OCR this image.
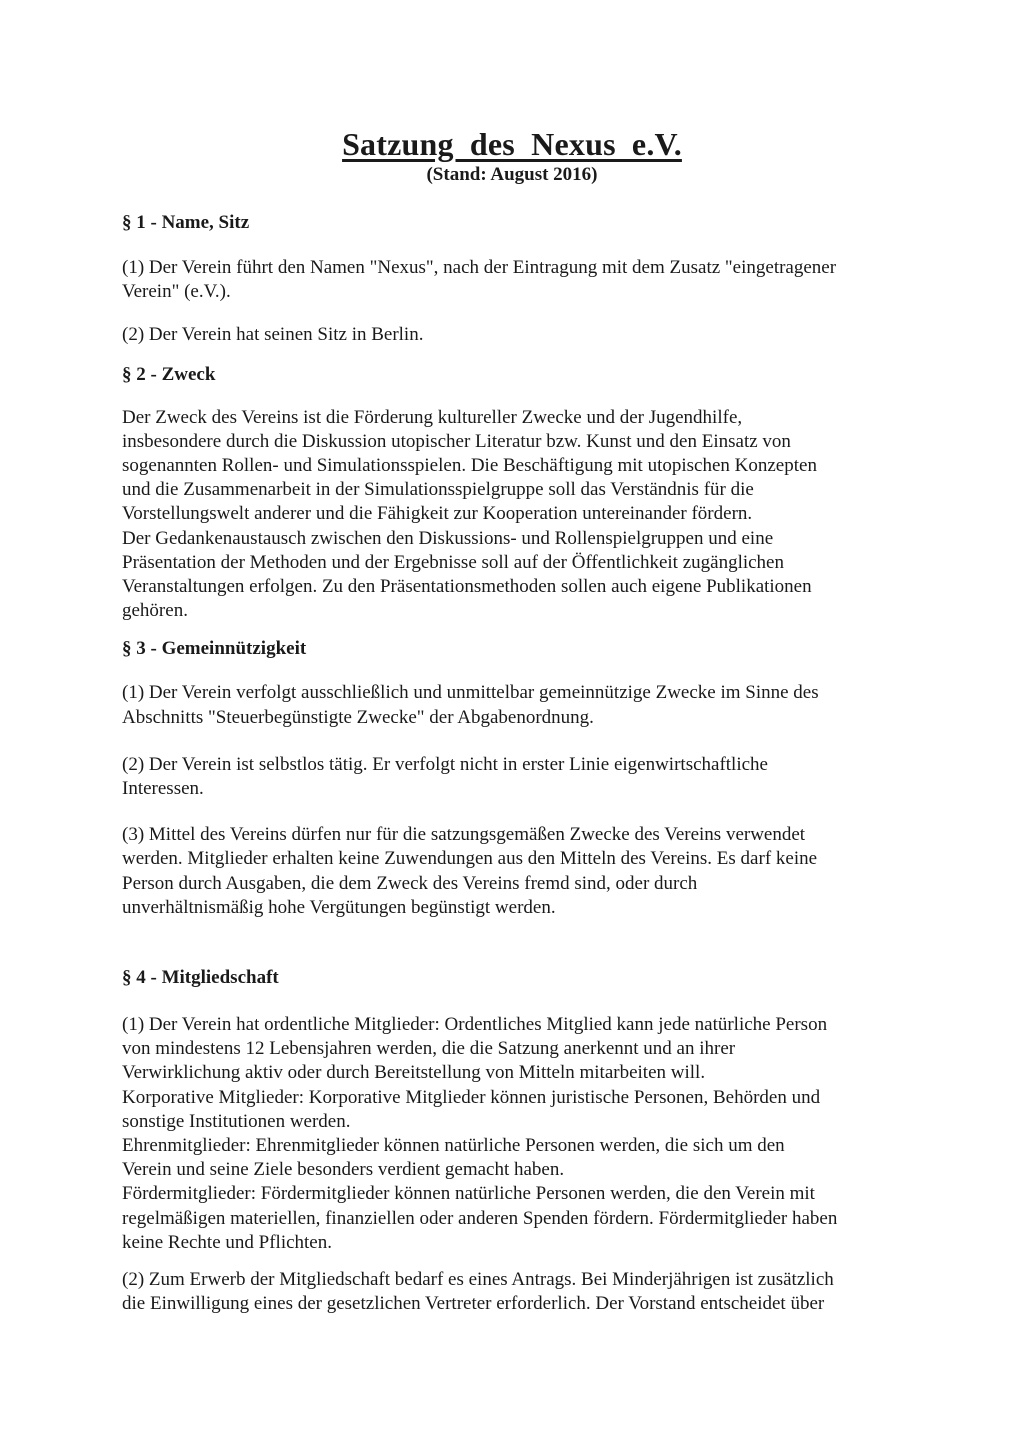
Satzung des Nexus e.V.
(Stand: August 2016)
§ 1 - Name, Sitz

(1) Der Verein führt den Namen "Nexus", nach der Eintragung mit dem Zusatz "eingetragener
Verein" (e.V.).

(2) Der Verein hat seinen Sitz in Berlin.

§ 2 - Zweck

Der Zweck des Vereins ist die Förderung kultureller Zwecke und der Jugendhilfe,
insbesondere durch die Diskussion utopischer Literatur bzw. Kunst und den Einsatz von
sogenannten Rollen- und Simulationsspielen. Die Beschäftigung mit utopischen Konzepten
und die Zusammenarbeit in der Simulationsspielgruppe soll das Verständnis für die
Vorstellungswelt anderer und die Fähigkeit zur Kooperation untereinander fördern.
Der Gedankenaustausch zwischen den Diskussions- und Rollenspielgruppen und eine
Präsentation der Methoden und der Ergebnisse soll auf der Öffentlichkeit zugänglichen
Veranstaltungen erfolgen. Zu den Präsentationsmethoden sollen auch eigene Publikationen
gehören.

§ 3 - Gemeinnützigkeit

(1) Der Verein verfolgt ausschließlich und unmittelbar gemeinnützige Zwecke im Sinne des
Abschnitts "Steuerbegünstigte Zwecke" der Abgabenordnung.

(2) Der Verein ist selbstlos tätig. Er verfolgt nicht in erster Linie eigenwirtschaftliche
Interessen.

(3) Mittel des Vereins dürfen nur für die satzungsgemäßen Zwecke des Vereins verwendet
werden. Mitglieder erhalten keine Zuwendungen aus den Mitteln des Vereins. Es darf keine
Person durch Ausgaben, die dem Zweck des Vereins fremd sind, oder durch
unverhältnismäßig hohe Vergütungen begünstigt werden.

§ 4 - Mitgliedschaft

(1) Der Verein hat ordentliche Mitglieder: Ordentliches Mitglied kann jede natürliche Person
von mindestens 12 Lebensjahren werden, die die Satzung anerkennt und an ihrer
Verwirklichung aktiv oder durch Bereitstellung von Mitteln mitarbeiten will.
Korporative Mitglieder: Korporative Mitglieder können juristische Personen, Behörden und
sonstige Institutionen werden.
Ehrenmitglieder: Ehrenmitglieder können natürliche Personen werden, die sich um den
Verein und seine Ziele besonders verdient gemacht haben.
Fördermitglieder: Fördermitglieder können natürliche Personen werden, die den Verein mit
regelmäßigen materiellen, finanziellen oder anderen Spenden fördern. Fördermitglieder haben
keine Rechte und Pflichten.

(2) Zum Erwerb der Mitgliedschaft bedarf es eines Antrags. Bei Minderjährigen ist zusätzlich
die Einwilligung eines der gesetzlichen Vertreter erforderlich. Der Vorstand entscheidet über
